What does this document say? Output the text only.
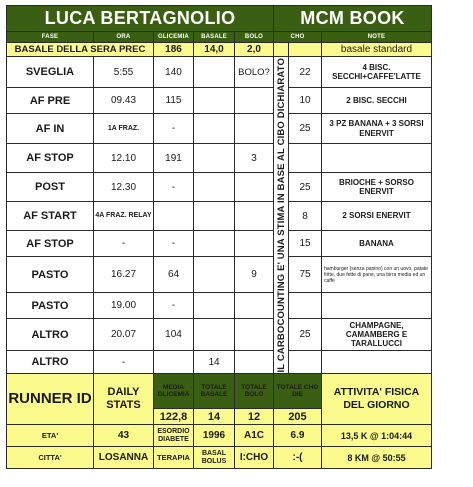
LUCA BERTAGNOLIO					MCM BOOK		
FASE	ORA	GLICEMIA	BASALE	BOLO	CHO		NOTE
BASALE DELLA SERA PREC		186	14,0	2,0			basale standard
SVEGLIA	5:55	140		BOLO?	IL CARBOCOUNTING E' UNA STIMA IN BASE AL CIBO DICHIARATO	22	4 BISC. SECCHI+CAFFE'LATTE
AF PRE	09.43	115				10	2 BISC. SECCHI
AF IN	1A FRAZ.	-				25	3 PZ BANANA + 3 SORSI ENERVIT
AF STOP	12.10	191		3			
POST	12.30	-				25	BRIOCHE + SORSO ENERVIT
AF START	4A FRAZ. RELAY					8	2 SORSI ENERVIT
AF STOP	-	-				15	BANANA
PASTO	16.27	64		9		75	hamburger (senza panino) con un uovo, patate fritte, due fette di pane, una birra media ed un caffe
PASTO	19.00	-					
ALTRO	20.07	104				25	CHAMPAGNE, CAMAMBERG E TARALLUCCI
ALTRO	-		14				
RUNNER ID	DAILY STATS	MEDIA GLICEMIA	TOTALE BASALE	TOTALE BOLO	TOTALE CHO DIE		ATTIVITA' FISICA DEL GIORNO
		122,8	14	12	205		
ETA'	43	ESORDIO DIABETE	1996	A1C	6.9		13,5 K @ 1:04:44
CITTA'	LOSANNA	TERAPIA	BASAL BOLUS	I:CHO	:-(		8 KM @ 50:55
